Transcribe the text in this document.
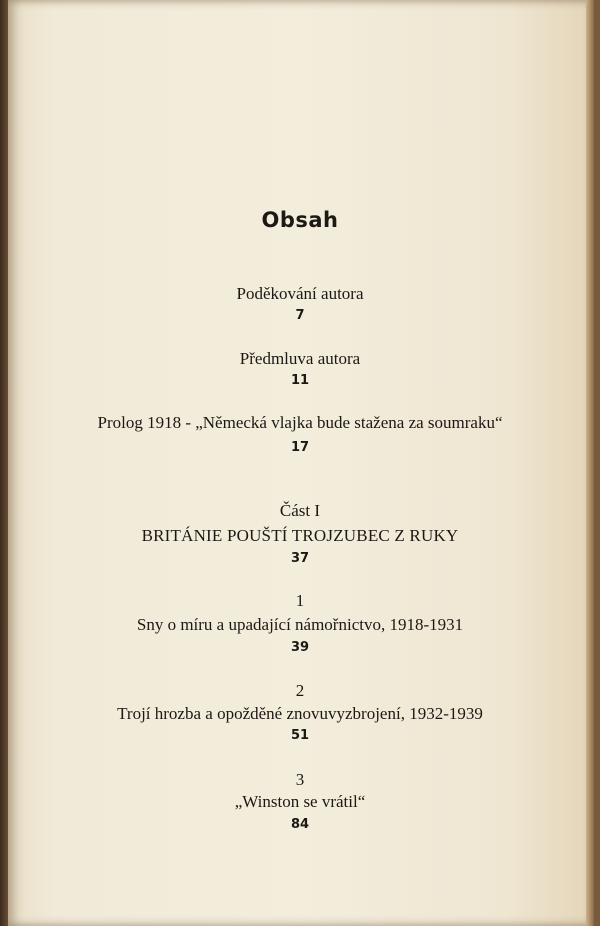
Obsah
Poděkování autora
7
Předmluva autora
11
Prolog 1918 - „Německá vlajka bude stažena za soumraku“
17
Část I
BRITÁNIE POUŠTÍ TROJZUBEC Z RUKY
37
1
Sny o míru a upadající námořnictvo, 1918-1931
39
2
Trojí hrozba a opožděné znovuvyzbrojení, 1932-1939
51
3
„Winston se vrátil“
84
